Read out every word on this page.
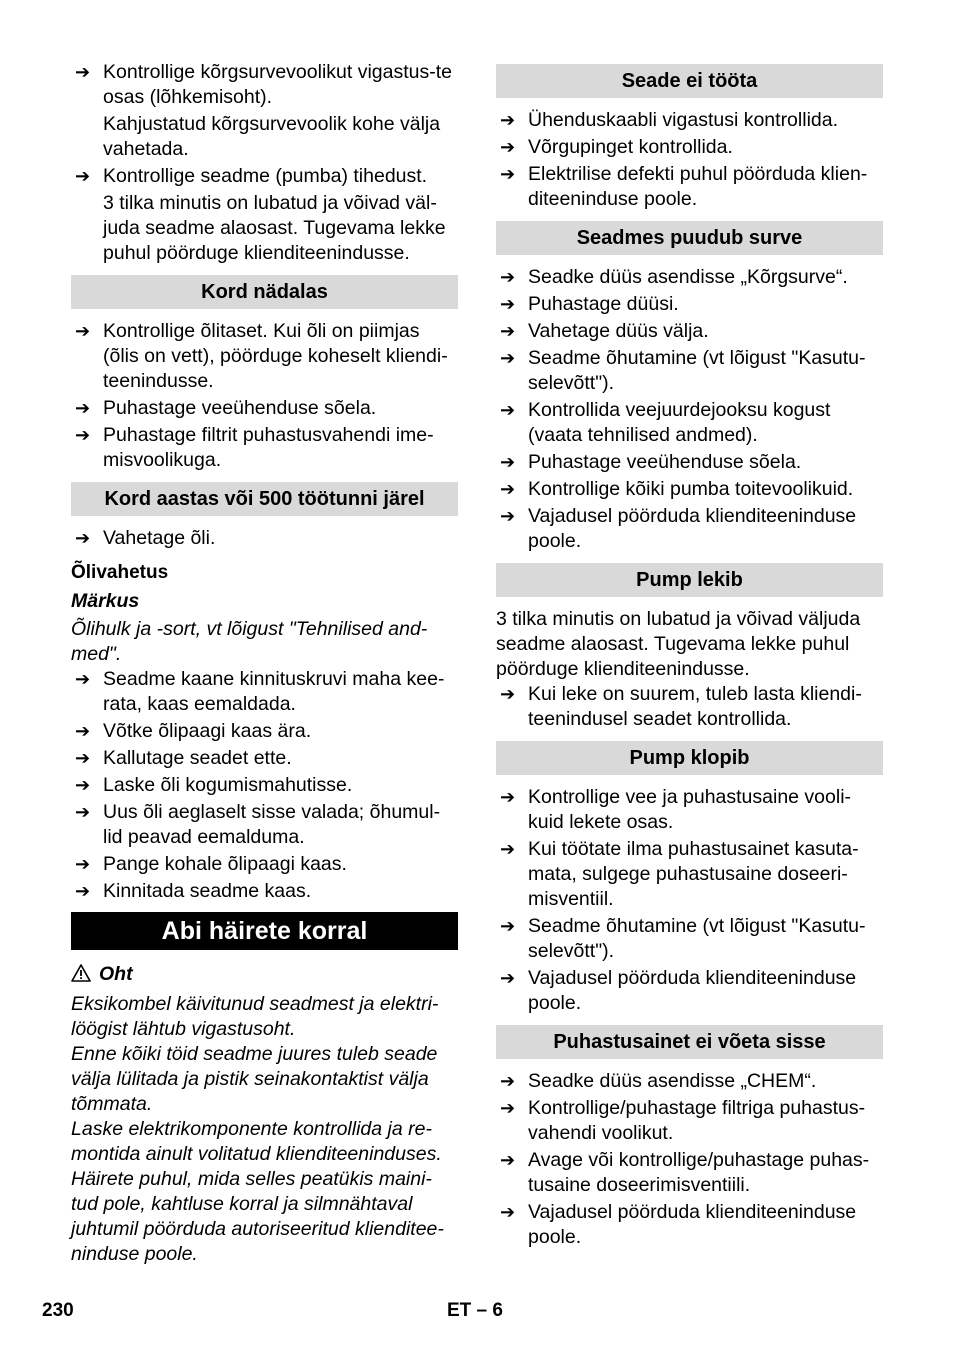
➔ Kontrollige kõrgsurvevoolikut vigastus-te osas (lõhkemisoht).
Kahjustatud kõrgsurvevoolik kohe välja vahetada.
➔ Kontrollige seadme (pumba) tihedust.
3 tilka minutis on lubatud ja võivad väl-juda seadme alaosast. Tugevama lekke puhul pöörduge klienditeenindusse.
Kord nädalas
➔ Kontrollige õlitaset. Kui õli on piimjas (õlis on vett), pöörduge koheselt kliendi-teenindusse.
➔ Puhastage veeühenduse sõela.
➔ Puhastage filtrit puhastusvahendi ime-misvoolikuga.
Kord aastas või 500 töötunni järel
➔ Vahetage õli.
Õlivahetus
Märkus
Õlihulk ja -sort, vt lõigust "Tehnilised and-med".
➔ Seadme kaane kinnituskruvi maha kee-rata, kaas eemaldada.
➔ Võtke õlipaagi kaas ära.
➔ Kallutage seadet ette.
➔ Laske õli kogumismahutisse.
➔ Uus õli aeglaselt sisse valada; õhumul-lid peavad eemalduma.
➔ Pange kohale õlipaagi kaas.
➔ Kinnitada seadme kaas.
Abi häirete korral
Oht
Eksikombel käivitunud seadmest ja elektri-löögist lähtub vigastusoht.
Enne kõiki töid seadme juures tuleb seade välja lülitada ja pistik seinakontaktist välja tõmmata.
Laske elektrikomponente kontrollida ja re-montida ainult volitatud klienditeeninduses.
Häirete puhul, mida selles peatükis maini-tud pole, kahtluse korral ja silmnähtaval juhtumil pöörduda autoriseeritud klienditee-ninduse poole.
Seade ei tööta
➔ Ühenduskaabli vigastusi kontrollida.
➔ Võrgupinget kontrollida.
➔ Elektrilise defekti puhul pöörduda klien-diteeninduse poole.
Seadmes puudub surve
➔ Seadke düüs asendisse „Kõrgsurve“.
➔ Puhastage düüsi.
➔ Vahetage düüs välja.
➔ Seadme õhutamine (vt lõigust "Kasutu-selevõtt").
➔ Kontrollida veejuurdejooksu kogust (vaata tehnilised andmed).
➔ Puhastage veeühenduse sõela.
➔ Kontrollige kõiki pumba toitevoolikuid.
➔ Vajadusel pöörduda klienditeeninduse poole.
Pump lekib
3 tilka minutis on lubatud ja võivad väljuda seadme alaosast. Tugevama lekke puhul pöörduge klienditeenindusse.
➔ Kui leke on suurem, tuleb lasta kliendi-teenindusel seadet kontrollida.
Pump klopib
➔ Kontrollige vee ja puhastusaine vooli-kuid lekete osas.
➔ Kui töötate ilma puhastusainet kasuta-mata, sulgege puhastusaine doseeri-misventiil.
➔ Seadme õhutamine (vt lõigust "Kasutu-selevõtt").
➔ Vajadusel pöörduda klienditeeninduse poole.
Puhastusainet ei võeta sisse
➔ Seadke düüs asendisse „CHEM“.
➔ Kontrollige/puhastage filtriga puhastus-vahendi voolikut.
➔ Avage või kontrollige/puhastage puhas-tusaine doseerimisventiili.
➔ Vajadusel pöörduda klienditeeninduse poole.
230	ET – 6
